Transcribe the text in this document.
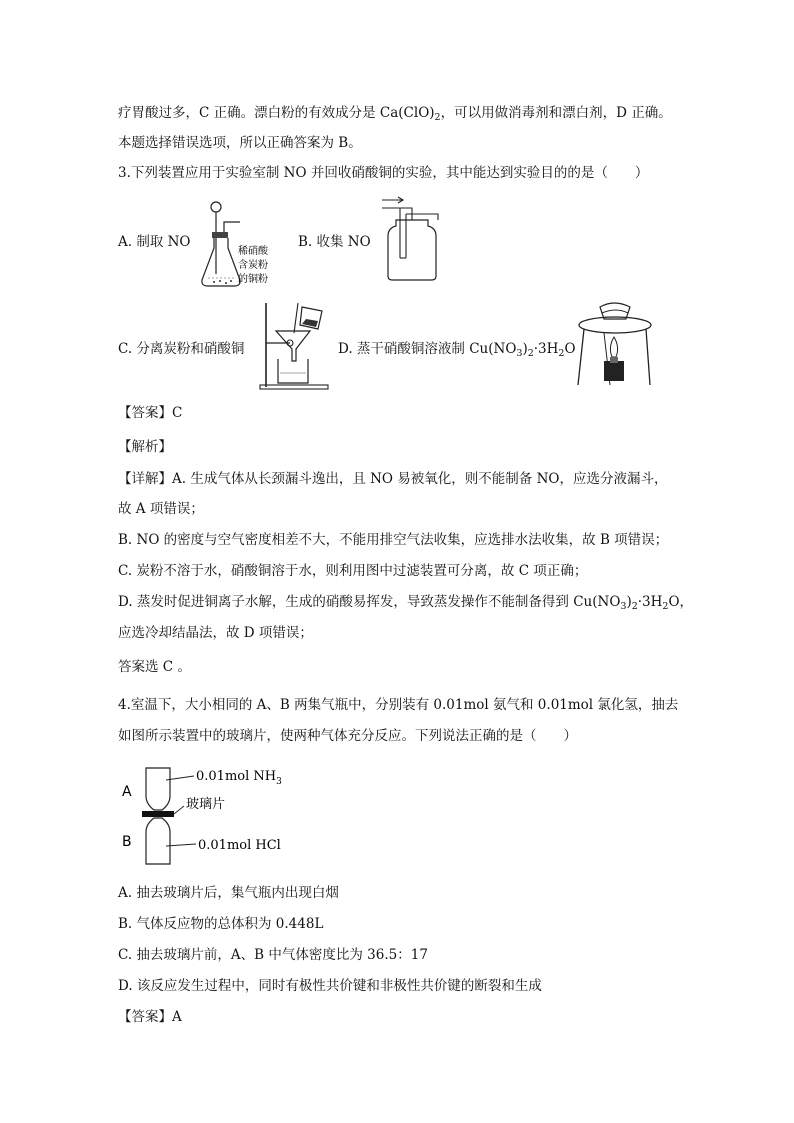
疗胃酸过多，C 正确。漂白粉的有效成分是 $Ca(ClO)_2$，可以用做消毒剂和漂白剂，D 正确。
本题选择错误选项，所以正确答案为 B。
3.下列装置应用于实验室制 NO 并回收硝酸铜的实验，其中能达到实验目的的是（　　）
A. 制取 NO
稀硝酸
含炭粉
的铜粉
B. 收集 NO
C. 分离炭粉和硝酸铜	D. 蒸干硝酸铜溶液制 $Cu(NO_3)_2\cdot 3H_2O$
【答案】C
【解析】
【详解】A. 生成气体从长颈漏斗逸出，且 NO 易被氧化，则不能制备 NO，应选分液漏斗，
故 A 项错误；
B. NO 的密度与空气密度相差不大，不能用排空气法收集，应选排水法收集，故 B 项错误；
C. 炭粉不溶于水，硝酸铜溶于水，则利用图中过滤装置可分离，故 C 项正确；
D. 蒸发时促进铜离子水解，生成的硝酸易挥发，导致蒸发操作不能制备得到 $Cu(NO_3)_2\cdot 3H_2O$，
应选冷却结晶法，故 D 项错误；
答案选 C 。
4.室温下，大小相同的 A、B 两集气瓶中，分别装有 0.01mol 氨气和 0.01mol 氯化氢，抽去
如图所示装置中的玻璃片，使两种气体充分反应。下列说法正确的是（　　）
A
B
0.01mol $NH_3$
玻璃片
0.01mol HCl
A. 抽去玻璃片后，集气瓶内出现白烟
B. 气体反应物的总体积为 0.448L
C. 抽去玻璃片前，A、B 中气体密度比为 36.5：17
D. 该反应发生过程中，同时有极性共价键和非极性共价键的断裂和生成
【答案】A
